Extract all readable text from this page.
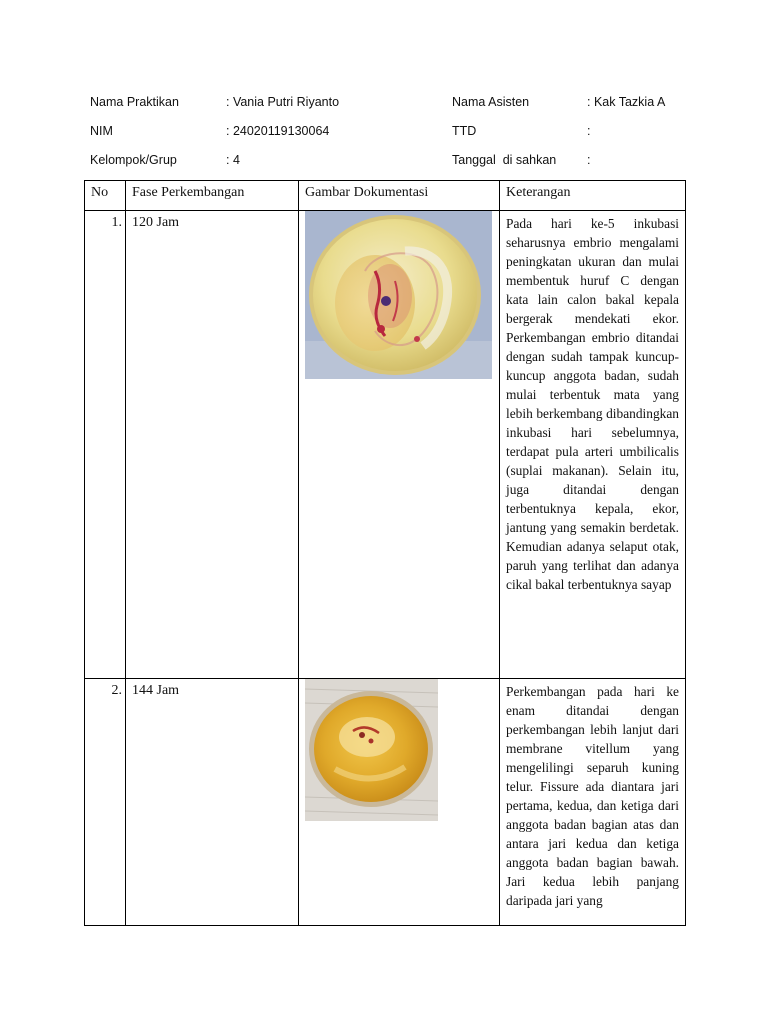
Nama Praktikan	: Vania Putri Riyanto	Nama Asisten	: Kak Tazkia A
NIM	: 24020119130064	TTD	:
Kelompok/Grup	: 4	Tanggal  di sahkan :
No	Fase Perkembangan	Gambar Dokumentasi	Keterangan
1.	120 Jam		Pada hari ke-5 inkubasi seharusnya embrio mengalami peningkatan ukuran dan mulai membentuk huruf C dengan kata lain calon bakal kepala bergerak mendekati ekor. Perkembangan embrio ditandai dengan sudah tampak kuncup-kuncup anggota badan, sudah mulai terbentuk mata yang lebih berkembang dibandingkan inkubasi hari sebelumnya, terdapat pula arteri umbilicalis (suplai makanan). Selain itu, juga ditandai dengan terbentuknya kepala, ekor, jantung yang semakin berdetak. Kemudian adanya selaput otak, paruh yang terlihat dan adanya cikal bakal terbentuknya sayap
2.	144 Jam		Perkembangan pada hari ke enam ditandai dengan perkembangan lebih lanjut dari membrane vitellum yang mengelilingi separuh kuning telur. Fissure ada diantara jari pertama, kedua, dan ketiga dari anggota badan bagian atas dan antara jari kedua dan ketiga anggota badan bagian bawah. Jari kedua lebih panjang daripada jari yang
